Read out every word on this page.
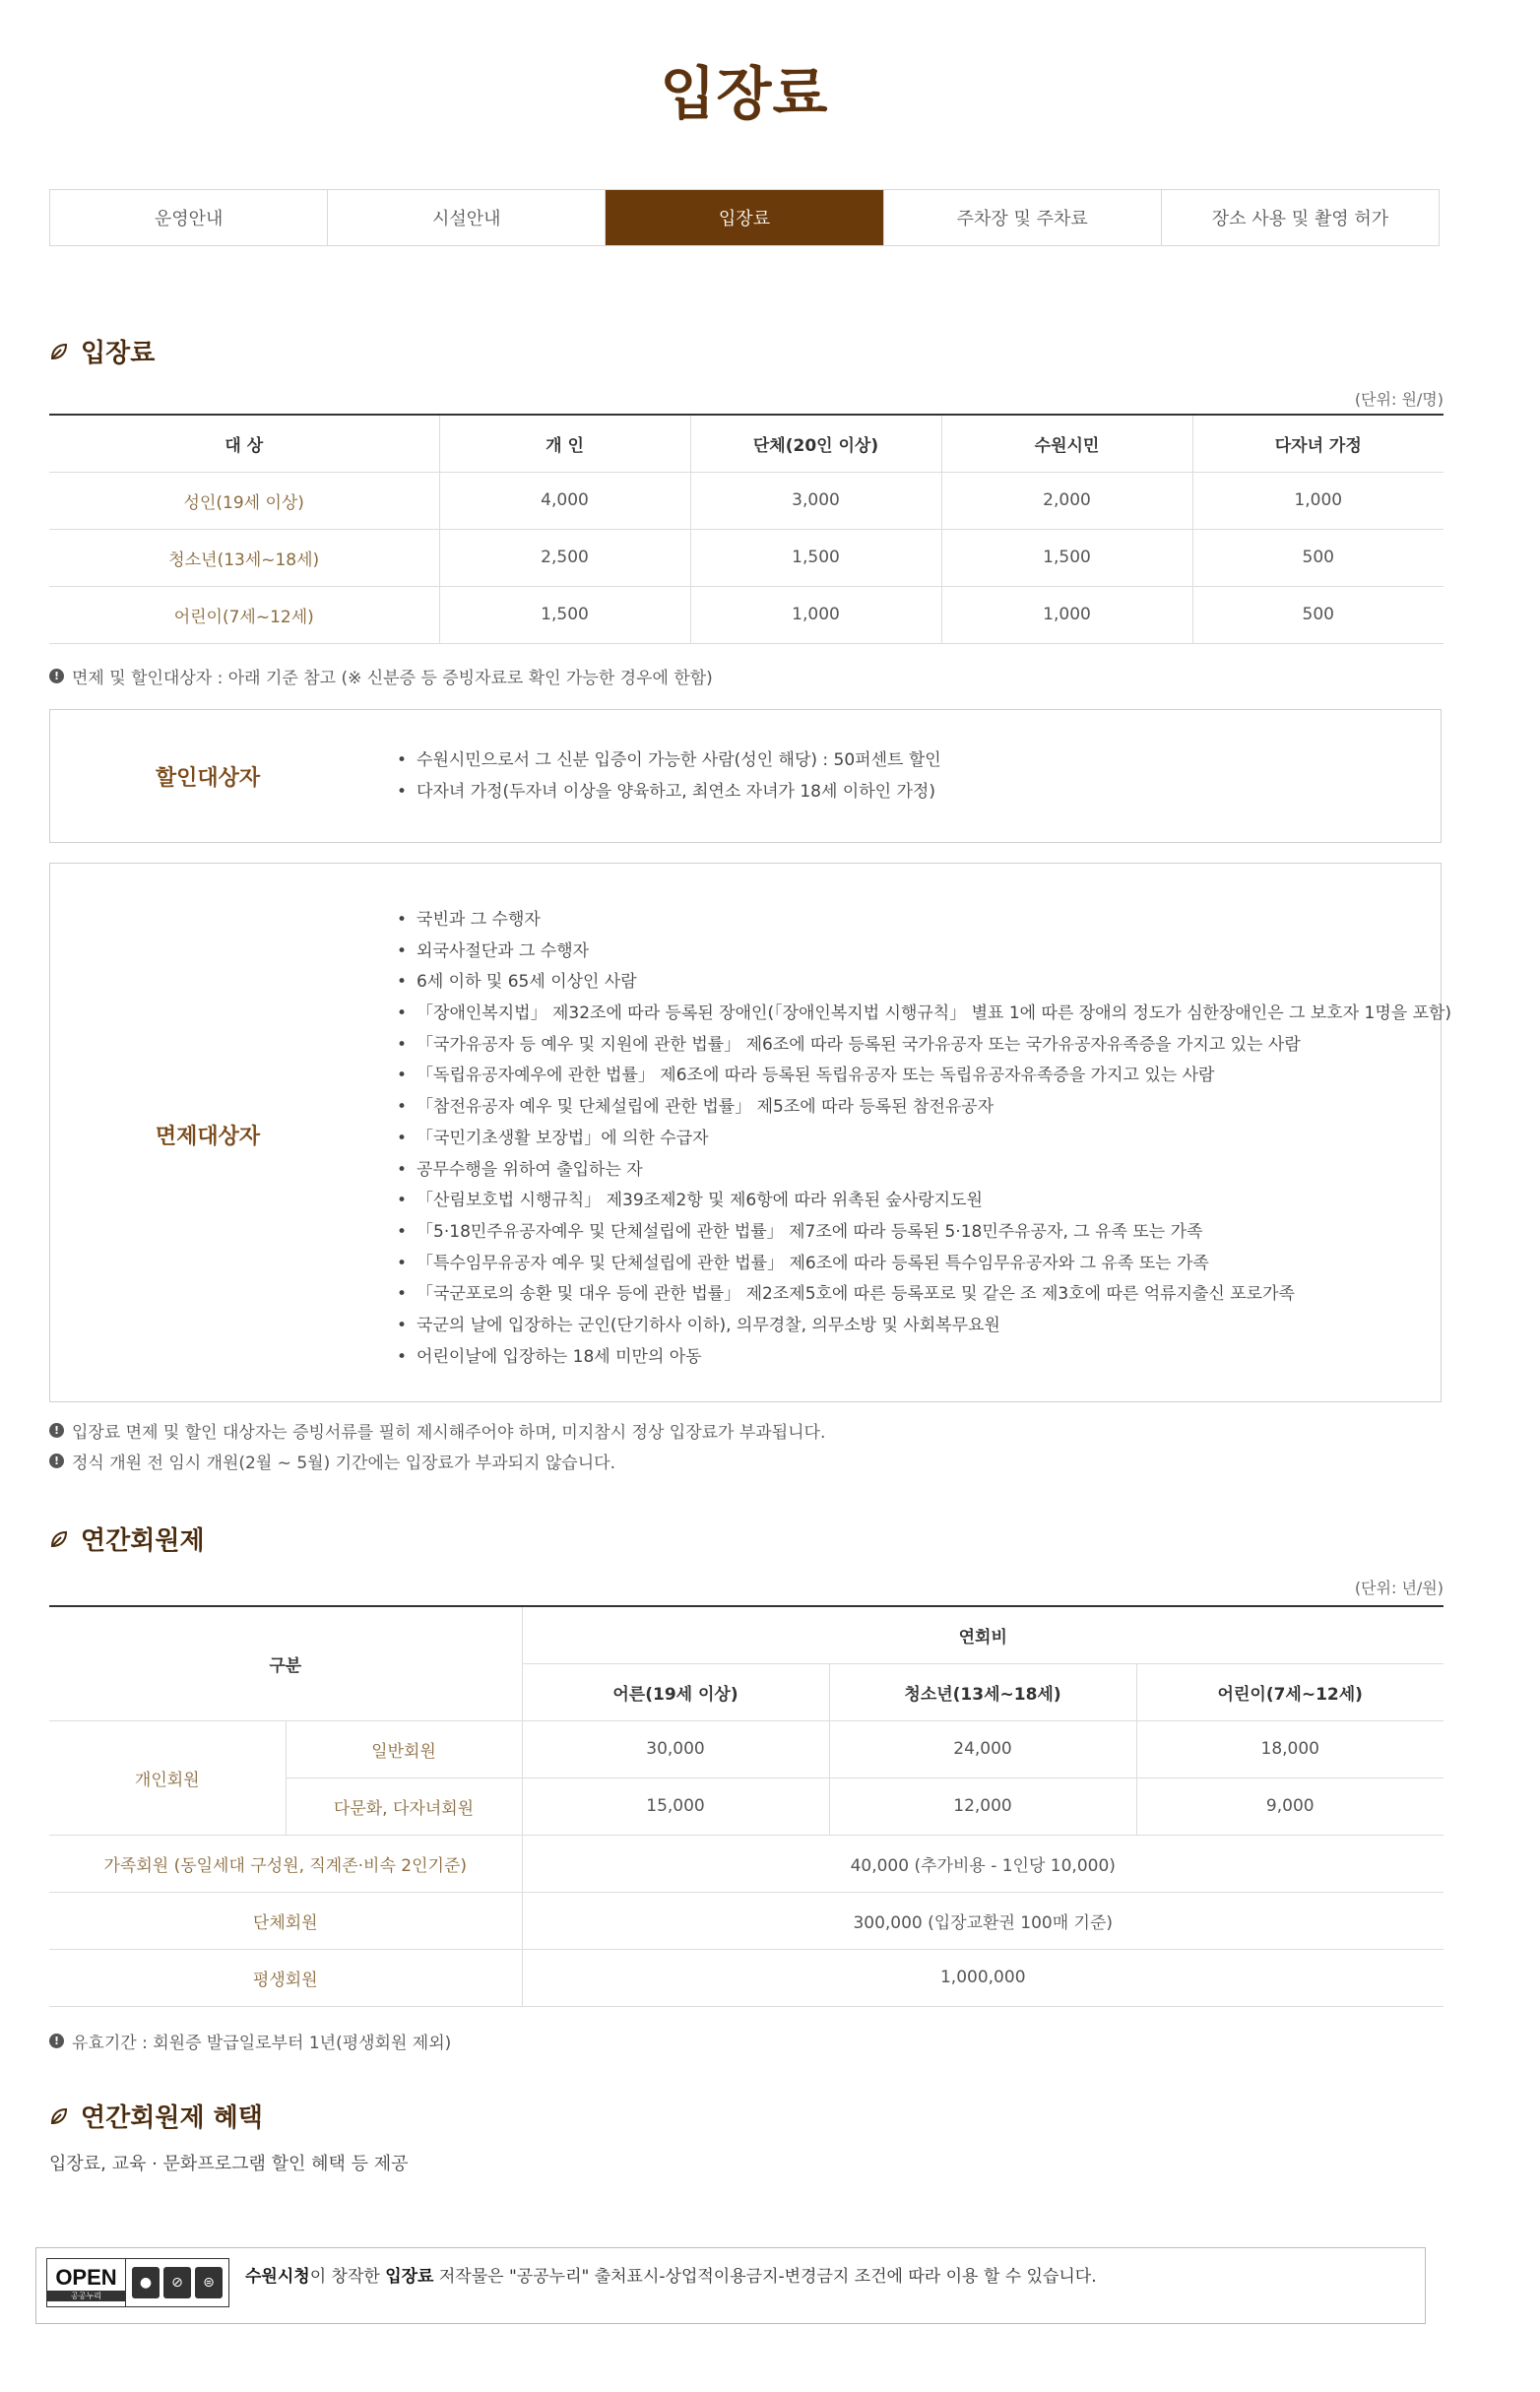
입장료
운영안내	시설안내	입장료	주차장 및 주차료	장소 사용 및 촬영 허가
입장료
(단위: 원/명)
대 상	개 인	단체(20인 이상)	수원시민	다자녀 가정
성인(19세 이상)	4,000	3,000	2,000	1,000
청소년(13세~18세)	2,500	1,500	1,500	500
어린이(7세~12세)	1,500	1,000	1,000	500
! 면제 및 할인대상자 : 아래 기준 참고 (※ 신분증 등 증빙자료로 확인 가능한 경우에 한함)
할인대상자
• 수원시민으로서 그 신분 입증이 가능한 사람(성인 해당) : 50퍼센트 할인
• 다자녀 가정(두자녀 이상을 양육하고, 최연소 자녀가 18세 이하인 가정)
면제대상자
• 국빈과 그 수행자
• 외국사절단과 그 수행자
• 6세 이하 및 65세 이상인 사람
• 「장애인복지법」 제32조에 따라 등록된 장애인(「장애인복지법 시행규칙」 별표 1에 따른 장애의 정도가 심한장애인은 그 보호자 1명을 포함)
• 「국가유공자 등 예우 및 지원에 관한 법률」 제6조에 따라 등록된 국가유공자 또는 국가유공자유족증을 가지고 있는 사람
• 「독립유공자예우에 관한 법률」 제6조에 따라 등록된 독립유공자 또는 독립유공자유족증을 가지고 있는 사람
• 「참전유공자 예우 및 단체설립에 관한 법률」 제5조에 따라 등록된 참전유공자
• 「국민기초생활 보장법」에 의한 수급자
• 공무수행을 위하여 출입하는 자
• 「산림보호법 시행규칙」 제39조제2항 및 제6항에 따라 위촉된 숲사랑지도원
• 「5·18민주유공자예우 및 단체설립에 관한 법률」 제7조에 따라 등록된 5·18민주유공자, 그 유족 또는 가족
• 「특수임무유공자 예우 및 단체설립에 관한 법률」 제6조에 따라 등록된 특수임무유공자와 그 유족 또는 가족
• 「국군포로의 송환 및 대우 등에 관한 법률」 제2조제5호에 따른 등록포로 및 같은 조 제3호에 따른 억류지출신 포로가족
• 국군의 날에 입장하는 군인(단기하사 이하), 의무경찰, 의무소방 및 사회복무요원
• 어린이날에 입장하는 18세 미만의 아동
! 입장료 면제 및 할인 대상자는 증빙서류를 필히 제시해주어야 하며, 미지참시 정상 입장료가 부과됩니다.
! 정식 개원 전 임시 개원(2월 ~ 5월) 기간에는 입장료가 부과되지 않습니다.
연간회원제
(단위: 년/원)
구분		연회비		
		어른(19세 이상)	청소년(13세~18세)	어린이(7세~12세)
개인회원	일반회원	30,000	24,000	18,000
	다문화, 다자녀회원	15,000	12,000	9,000
가족회원 (동일세대 구성원, 직계존·비속 2인기준)		40,000 (추가비용 - 1인당 10,000)		
단체회원		300,000 (입장교환권 100매 기준)		
평생회원		1,000,000		
! 유효기간 : 회원증 발급일로부터 1년(평생회원 제외)
연간회원제 혜택
입장료, 교육 · 문화프로그램 할인 혜택 등 제공
OPEN
공공누리
●	⊘	⊜	수원시청이 창작한 입장료 저작물은 "공공누리" 출처표시-상업적이용금지-변경금지 조건에 따라 이용 할 수 있습니다.
